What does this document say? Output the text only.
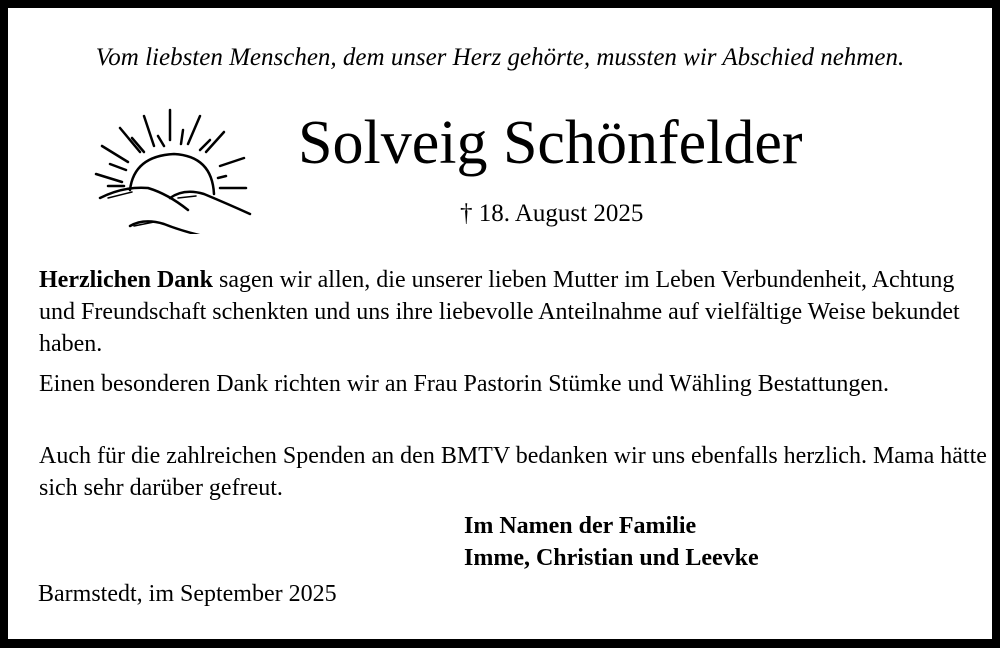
Vom liebsten Menschen, dem unser Herz gehörte, mussten wir Abschied nehmen.
Solveig Schönfelder
† 18. August 2025
Herzlichen Dank sagen wir allen, die unserer lieben Mutter im Leben Verbundenheit, Achtung und Freundschaft schenkten und uns ihre liebevolle Anteilnahme auf vielfältige Weise bekundet haben.
Einen besonderen Dank richten wir an Frau Pastorin Stümke und Wähling Bestattungen.
Auch für die zahlreichen Spenden an den BMTV bedanken wir uns ebenfalls herzlich. Mama hätte sich sehr darüber gefreut.
Im Namen der Familie
Imme, Christian und Leevke
Barmstedt, im September 2025
